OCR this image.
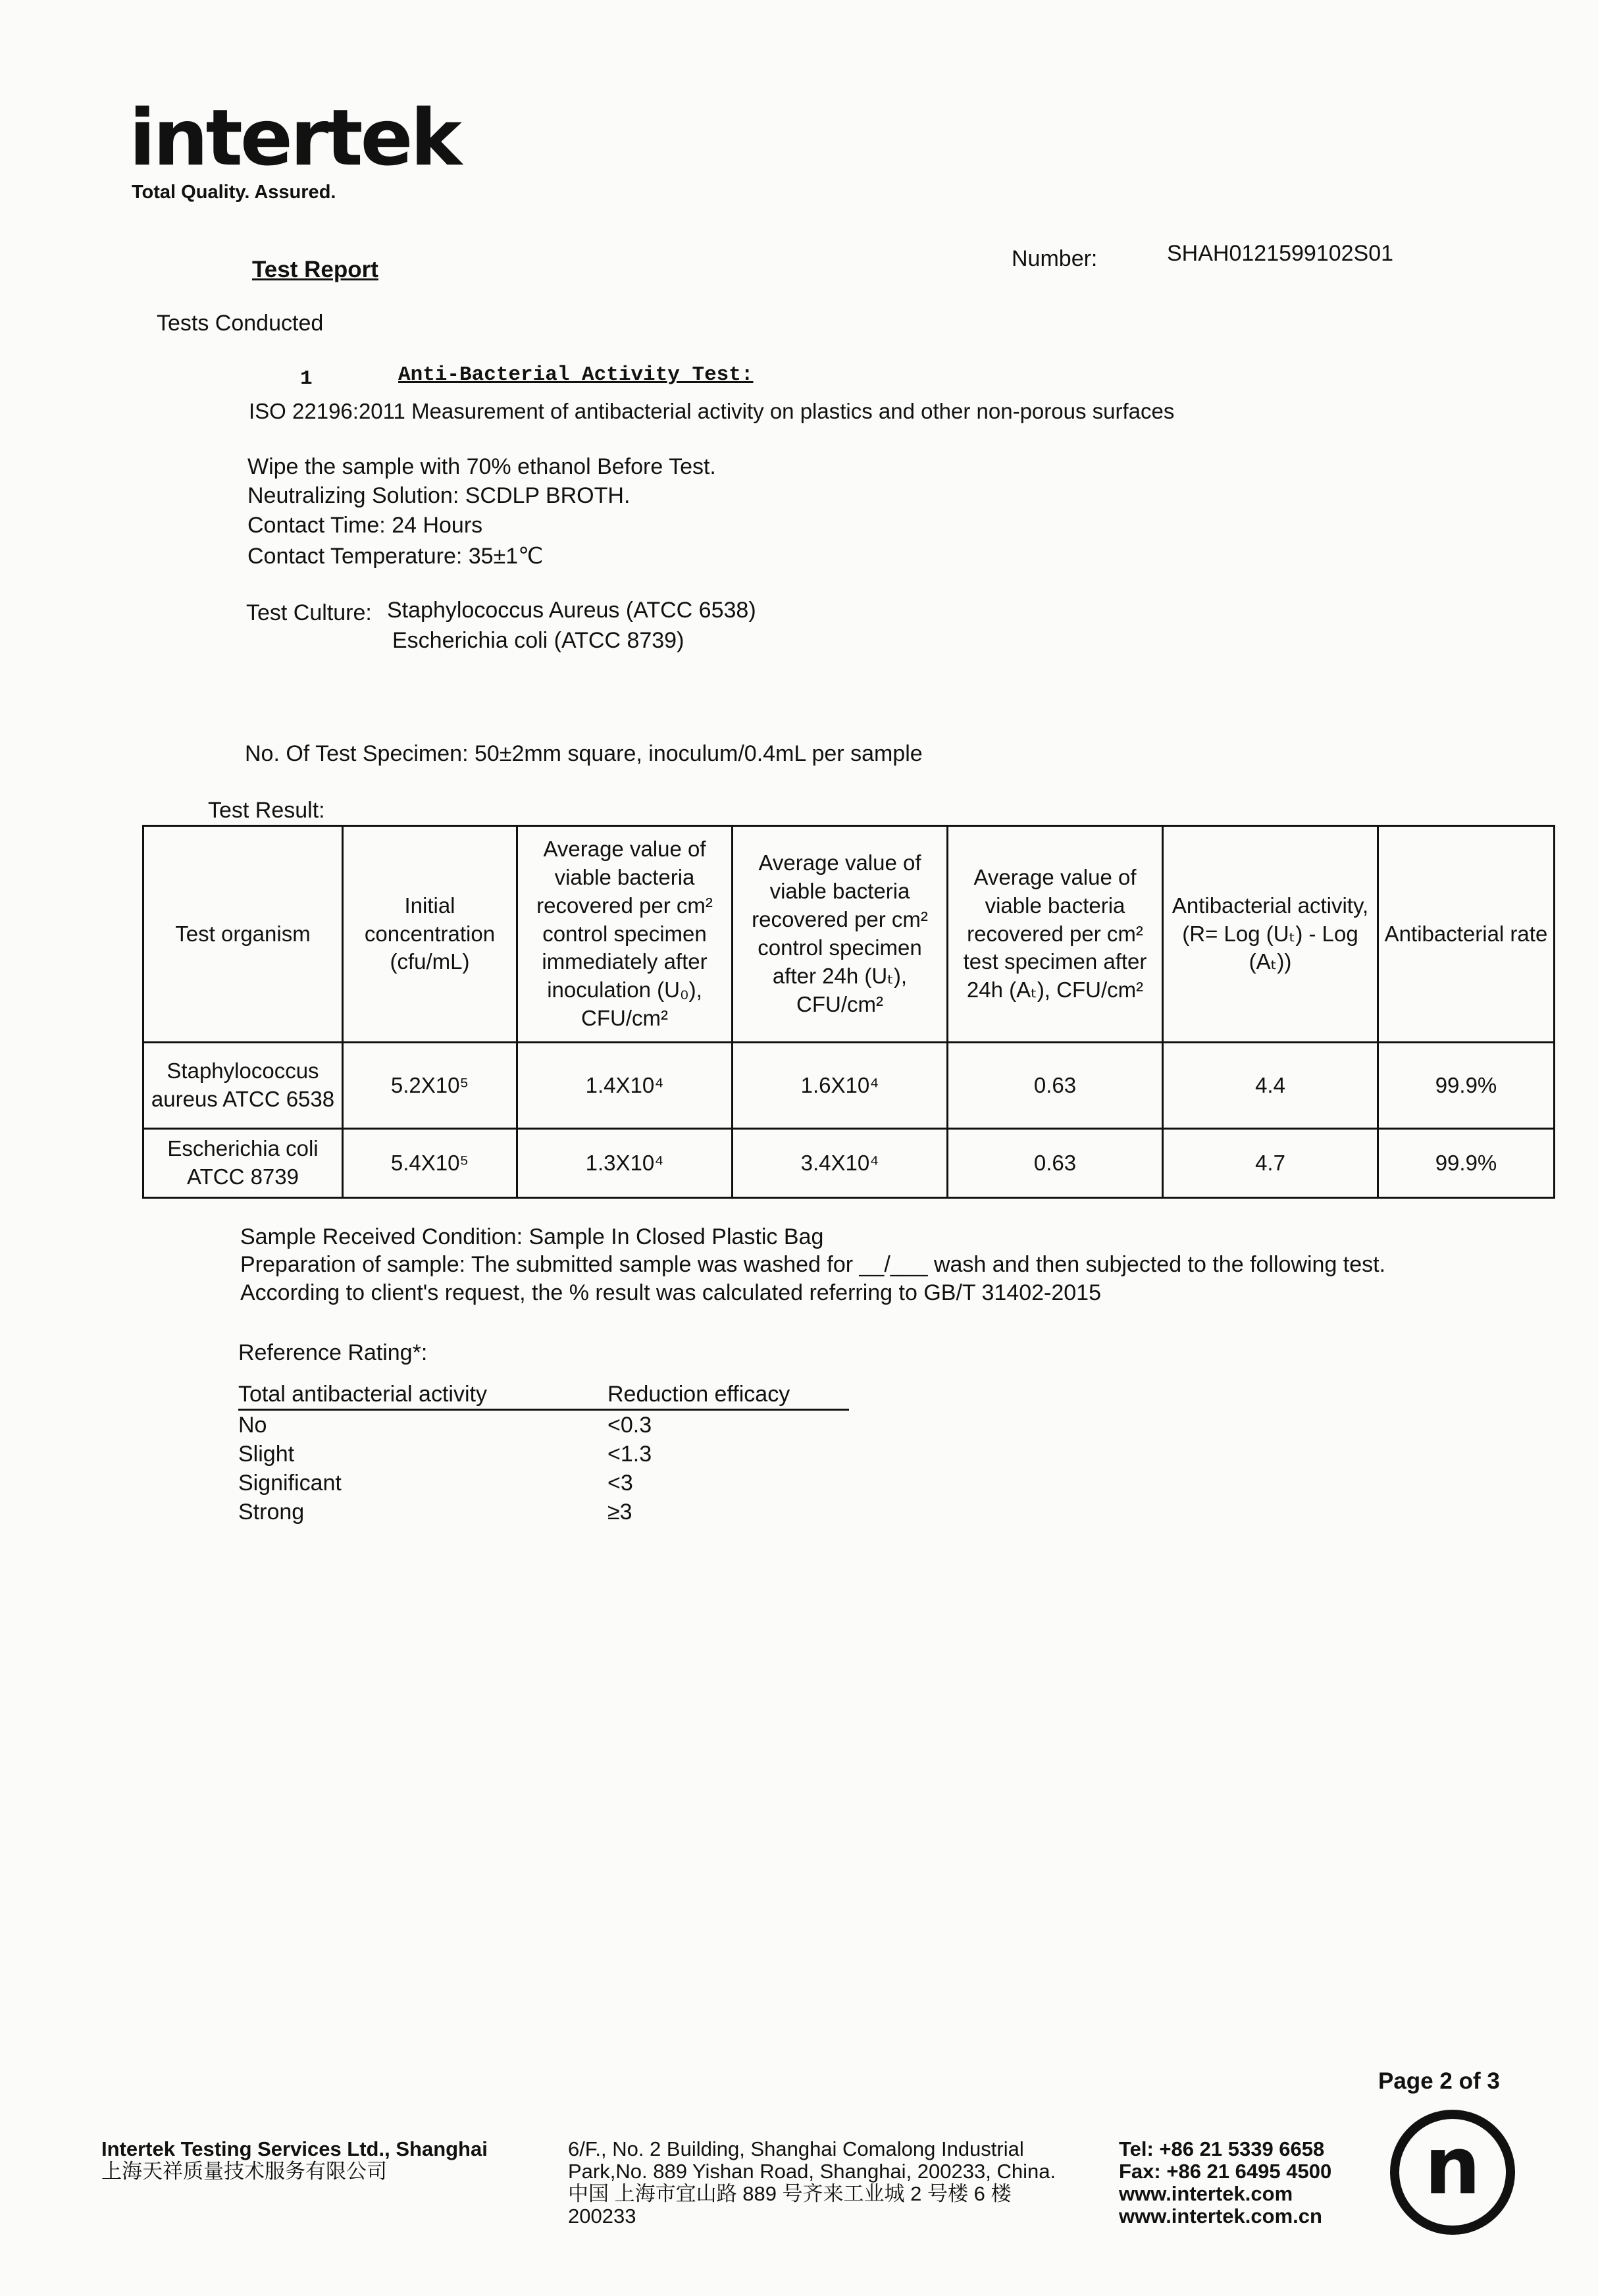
intertek
Total Quality. Assured.
Test Report	Number:	SHAH0121599102S01
Tests Conducted
1	Anti-Bacterial Activity Test:
ISO 22196:2011 Measurement of antibacterial activity on plastics and other non-porous surfaces
Wipe the sample with 70% ethanol Before Test.
Neutralizing Solution: SCDLP BROTH.
Contact Time: 24 Hours
Contact Temperature: 35±1℃
Test Culture: Staphylococcus Aureus (ATCC 6538)
Escherichia coli (ATCC 8739)
No. Of Test Specimen: 50±2mm square, inoculum/0.4mL per sample
Test Result:
Test organism	Initial concentration (cfu/mL)	Average value of viable bacteria recovered per cm² control specimen immediately after inoculation (U₀), CFU/cm²	Average value of viable bacteria recovered per cm² control specimen after 24h (Uₜ), CFU/cm²	Average value of viable bacteria recovered per cm² test specimen after 24h (Aₜ), CFU/cm²	Antibacterial activity, (R= Log (Uₜ) - Log (Aₜ))	Antibacterial rate
Staphylococcus aureus ATCC 6538	5.2X10⁵	1.4X10⁴	1.6X10⁴	0.63	4.4	99.9%
Escherichia coli ATCC 8739	5.4X10⁵	1.3X10⁴	3.4X10⁴	0.63	4.7	99.9%
Sample Received Condition: Sample In Closed Plastic Bag
Preparation of sample: The submitted sample was washed for __/___ wash and then subjected to the following test.
According to client's request, the % result was calculated referring to GB/T 31402-2015
Reference Rating*:
Total antibacterial activity	Reduction efficacy
No	<0.3
Slight	<1.3
Significant	<3
Strong	≥3
Page 2 of 3
Intertek Testing Services Ltd., Shanghai
上海天祥质量技术服务有限公司
6/F., No. 2 Building, Shanghai Comalong Industrial
Park,No. 889 Yishan Road, Shanghai, 200233, China.
中国 上海市宜山路 889 号齐来工业城 2 号楼 6 楼
200233
Tel: +86 21 5339 6658
Fax: +86 21 6495 4500
www.intertek.com
www.intertek.com.cn
n
